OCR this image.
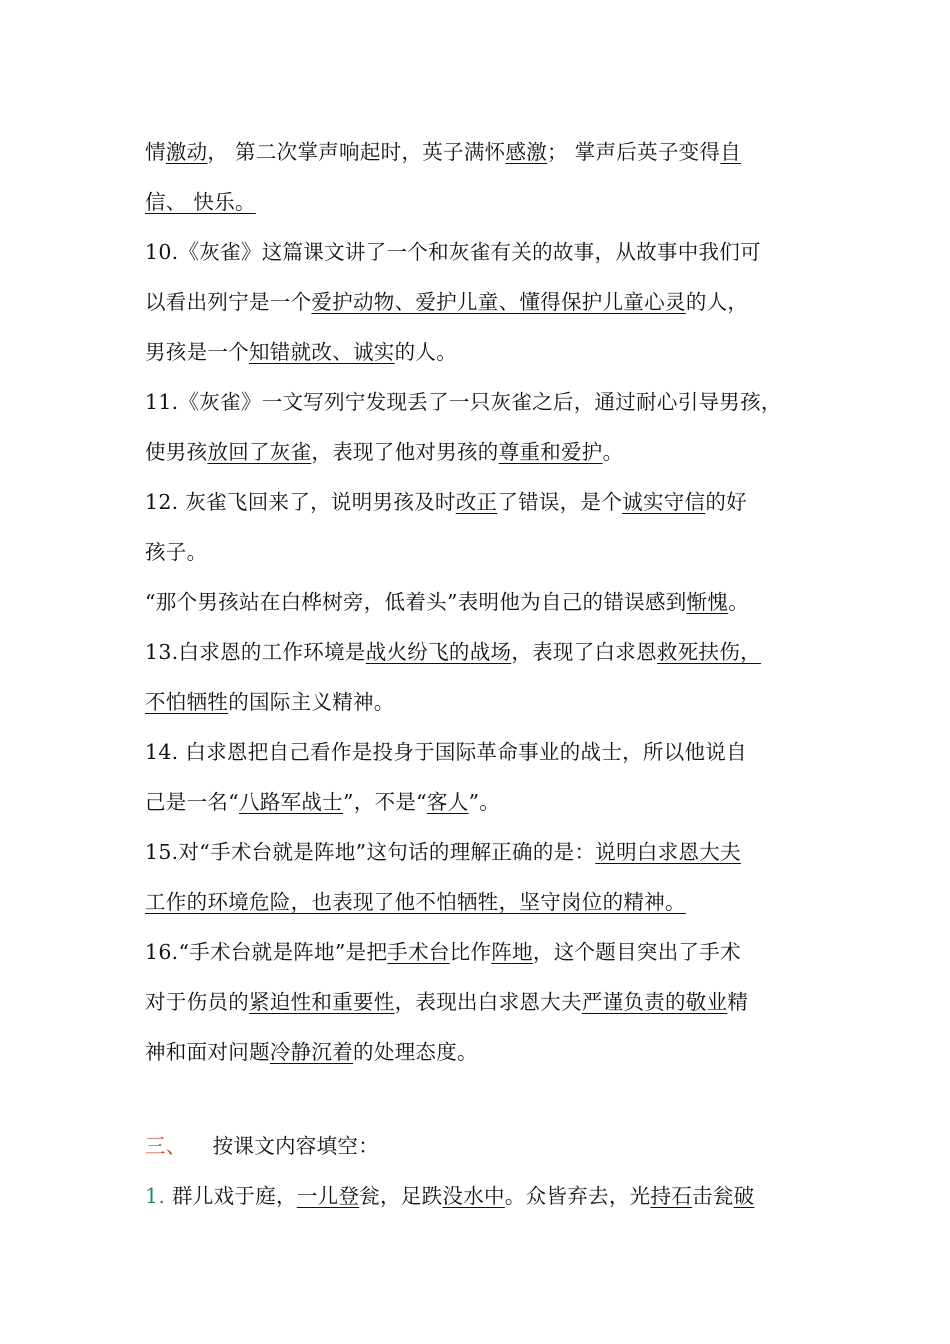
情激动， 第二次掌声响起时，英子满怀感激； 掌声后英子变得自
信、 快乐。
10.《灰雀》这篇课文讲了一个和灰雀有关的故事，从故事中我们可
以看出列宁是一个爱护动物、爱护儿童、懂得保护儿童心灵的人，
男孩是一个知错就改、诚实的人。
11.《灰雀》一文写列宁发现丢了一只灰雀之后，通过耐心引导男孩，
使男孩放回了灰雀，表现了他对男孩的尊重和爱护。
12. 灰雀飞回来了，说明男孩及时改正了错误，是个诚实守信的好
孩子。
“那个男孩站在白桦树旁，低着头”表明他为自己的错误感到惭愧。
13.白求恩的工作环境是战火纷飞的战场，表现了白求恩救死扶伤，
不怕牺牲的国际主义精神。
14. 白求恩把自己看作是投身于国际革命事业的战士，所以他说自
己是一名“八路军战士”，不是“客人”。
15.对“手术台就是阵地”这句话的理解正确的是：说明白求恩大夫
工作的环境危险，也表现了他不怕牺牲，坚守岗位的精神。
16.“手术台就是阵地”是把手术台比作阵地，这个题目突出了手术
对于伤员的紧迫性和重要性，表现出白求恩大夫严谨负责的敬业精
神和面对问题冷静沉着的处理态度。
三、 按课文内容填空：
1. 群儿戏于庭，一儿登瓮，足跌没水中。众皆弃去，光持石击瓮破
